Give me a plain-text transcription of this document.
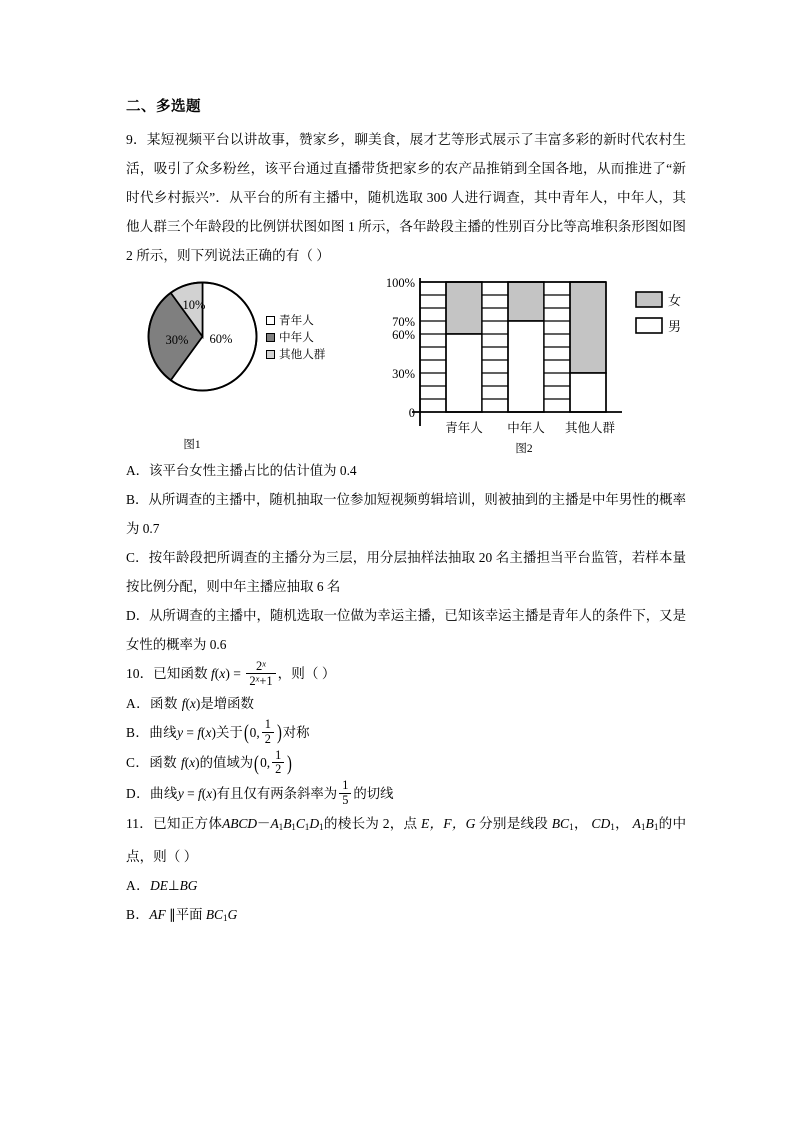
二、多选题
9．某短视频平台以讲故事，赞家乡，聊美食，展才艺等形式展示了丰富多彩的新时代农村生活，吸引了众多粉丝，该平台通过直播带货把家乡的农产品推销到全国各地，从而推进了“新时代乡村振兴”．从平台的所有主播中，随机选取 300 人进行调查，其中青年人，中年人，其他人群三个年龄段的比例饼状图如图 1 所示，各年龄段主播的性别百分比等高堆积条形图如图 2 所示，则下列说法正确的有（ ）
60%
30%
10%
青年人
中年人
其他人群
图1
100%
70%
60%
30%
0
青年人 中年人 其他人群
女
男
图2
A．该平台女性主播占比的估计值为 0.4
B．从所调查的主播中，随机抽取一位参加短视频剪辑培训，则被抽到的主播是中年男性的概率为 0.7
C．按年龄段把所调查的主播分为三层，用分层抽样法抽取 20 名主播担当平台监管，若样本量按比例分配，则中年主播应抽取 6 名
D．从所调查的主播中，随机选取一位做为幸运主播，已知该幸运主播是青年人的条件下，又是女性的概率为 0.6
10．已知函数 $f(x) = \frac{2^x}{2^x+1}$ ，则（ ）
A．函数 f(x)是增函数
B．曲线y = f(x)关于(0, $\frac{1}{2}$ )对称
C．函数 f(x)的值域为(0, $\frac{1}{2}$ )
D．曲线y = f(x)有且仅有两条斜率为 $\frac{1}{5}$ 的切线
11．已知正方体$ABCD-A_1B_1C_1D_1$的棱长为 2，点 E，F，G 分别是线段 $BC_1$， $CD_1$， $A_1B_1$的中点，则（ ）
A．DE⊥BG
B．AF ∥平面 $BC_1G$
